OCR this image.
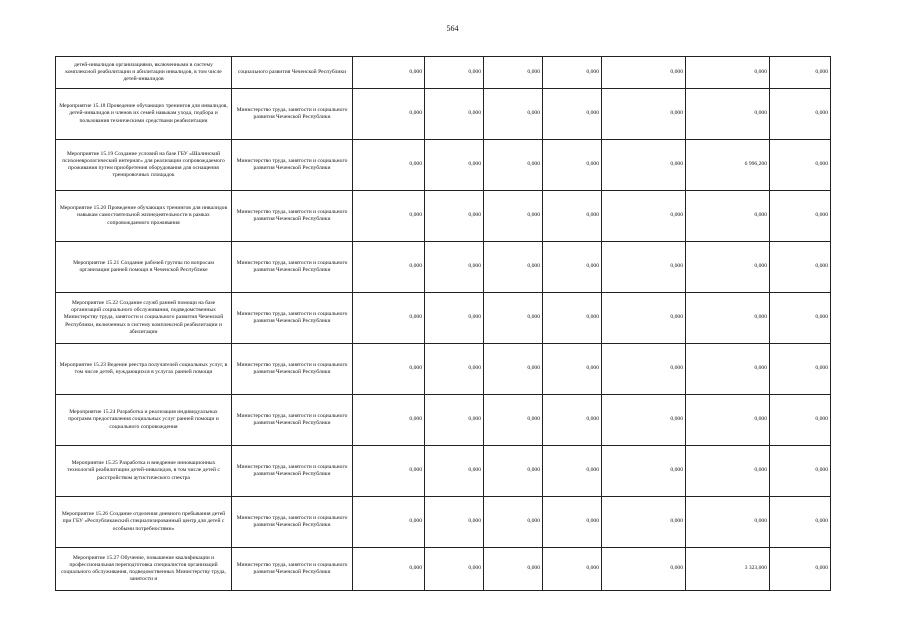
564
детей-инвалидов организациями, включенными в систему комплексной реабилитации и абилитации инвалидов, в том числе детей-инвалидов	социального развития Чеченской Республики	0,000	0,000	0,000	0,000	0,000	0,000	0,000
Мероприятие 15.18 Проведение обучающих тренингов для инвалидов, детей-инвалидов и членов их семей навыкам ухода, подбора и пользования техническими средствами реабилитации	Министерство труда, занятости и социального развития Чеченской Республики	0,000	0,000	0,000	0,000	0,000	0,000	0,000
Мероприятие 15.19 Создание условий на базе ГБУ «Шалинский психоневрологический интернат» для реализации сопровождаемого проживания путем приобретения оборудования для оснащения тренировочных площадок	Министерство труда, занятости и социального развития Чеченской Республики	0,000	0,000	0,000	0,000	0,000	6 996,200	0,000
Мероприятие 15.20 Проведение обучающих тренингов для инвалидов навыкам самостоятельной жизнедеятельности в рамках сопровождаемого проживания	Министерство труда, занятости и социального развития Чеченской Республики	0,000	0,000	0,000	0,000	0,000	0,000	0,000
Мероприятие 15.21 Создание рабочей группы по вопросам организации ранней помощи в Чеченской Республике	Министерство труда, занятости и социального развития Чеченской Республики	0,000	0,000	0,000	0,000	0,000	0,000	0,000
Мероприятие 15.22 Создание служб ранней помощи на базе организаций социального обслуживания, подведомственных Министерству труда, занятости и социального развития Чеченской Республики, включенных в систему комплексной реабилитации и абилитации	Министерство труда, занятости и социального развития Чеченской Республики	0,000	0,000	0,000	0,000	0,000	0,000	0,000
Мероприятие 15.23 Ведение реестра получателей социальных услуг, в том числе детей, нуждающихся в услугах ранней помощи	Министерство труда, занятости и социального развития Чеченской Республики	0,000	0,000	0,000	0,000	0,000	0,000	0,000
Мероприятие 15.24 Разработка и реализация индивидуальных программ предоставления социальных услуг ранней помощи и социального сопровождения	Министерство труда, занятости и социального развития Чеченской Республики	0,000	0,000	0,000	0,000	0,000	0,000	0,000
Мероприятие 15.25 Разработка и внедрение инновационных технологий реабилитации детей-инвалидов, в том числе детей с расстройством аутистического спектра	Министерство труда, занятости и социального развития Чеченской Республики	0,000	0,000	0,000	0,000	0,000	0,000	0,000
Мероприятие 15.26 Создание отделения дневного пребывания детей при ГБУ «Республиканский специализированный центр для детей с особыми потребностями»	Министерство труда, занятости и социального развития Чеченской Республики	0,000	0,000	0,000	0,000	0,000	0,000	0,000
Мероприятие 15.27 Обучение, повышение квалификации и профессиональная переподготовка специалистов организаций социального обслуживания, подведомственных Министерству труда, занятости и	Министерство труда, занятости и социального развития Чеченской Республики	0,000	0,000	0,000	0,000	0,000	3 323,000	0,000
